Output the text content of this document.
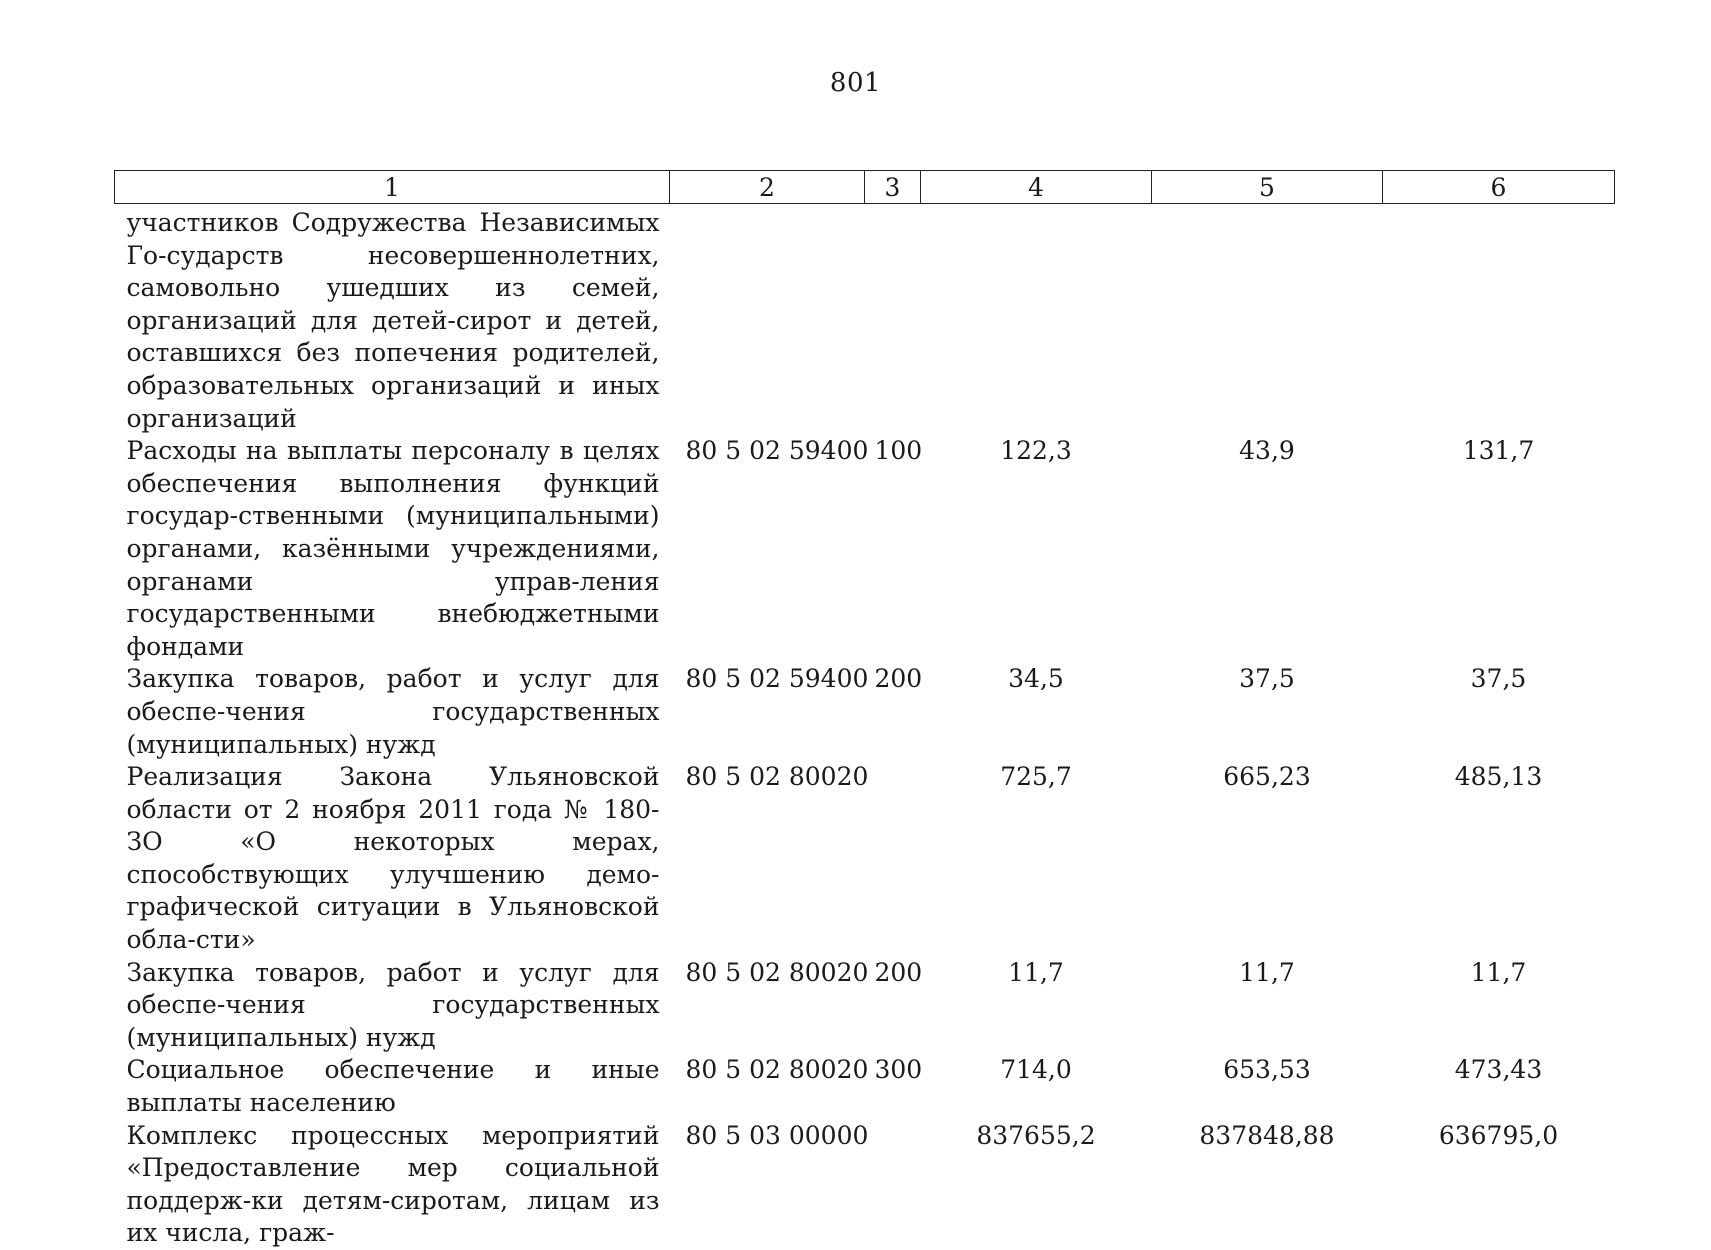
801
1	2	3	4	5	6
участников Содружества Независимых Го-сударств несовершеннолетних, самовольно ушедших из семей, организаций для детей-сирот и детей, оставшихся без попечения родителей, образовательных организаций и иных организаций					
Расходы на выплаты персоналу в целях обеспечения выполнения функций государ-ственными (муниципальными) органами, казёнными учреждениями, органами управ-ления государственными внебюджетными фондами	80 5 02 59400	100	122,3	43,9	131,7
Закупка товаров, работ и услуг для обеспе-чения государственных (муниципальных) нужд	80 5 02 59400	200	34,5	37,5	37,5
Реализация Закона Ульяновской области от 2 ноября 2011 года № 180-ЗО «О некоторых мерах, способствующих улучшению демо-графической ситуации в Ульяновской обла-сти»	80 5 02 80020		725,7	665,23	485,13
Закупка товаров, работ и услуг для обеспе-чения государственных (муниципальных) нужд	80 5 02 80020	200	11,7	11,7	11,7
Социальное обеспечение и иные выплаты населению	80 5 02 80020	300	714,0	653,53	473,43
Комплекс процессных мероприятий «Предоставление мер социальной поддерж-ки детям-сиротам, лицам из их числа, граж-	80 5 03 00000		837655,2	837848,88	636795,0
